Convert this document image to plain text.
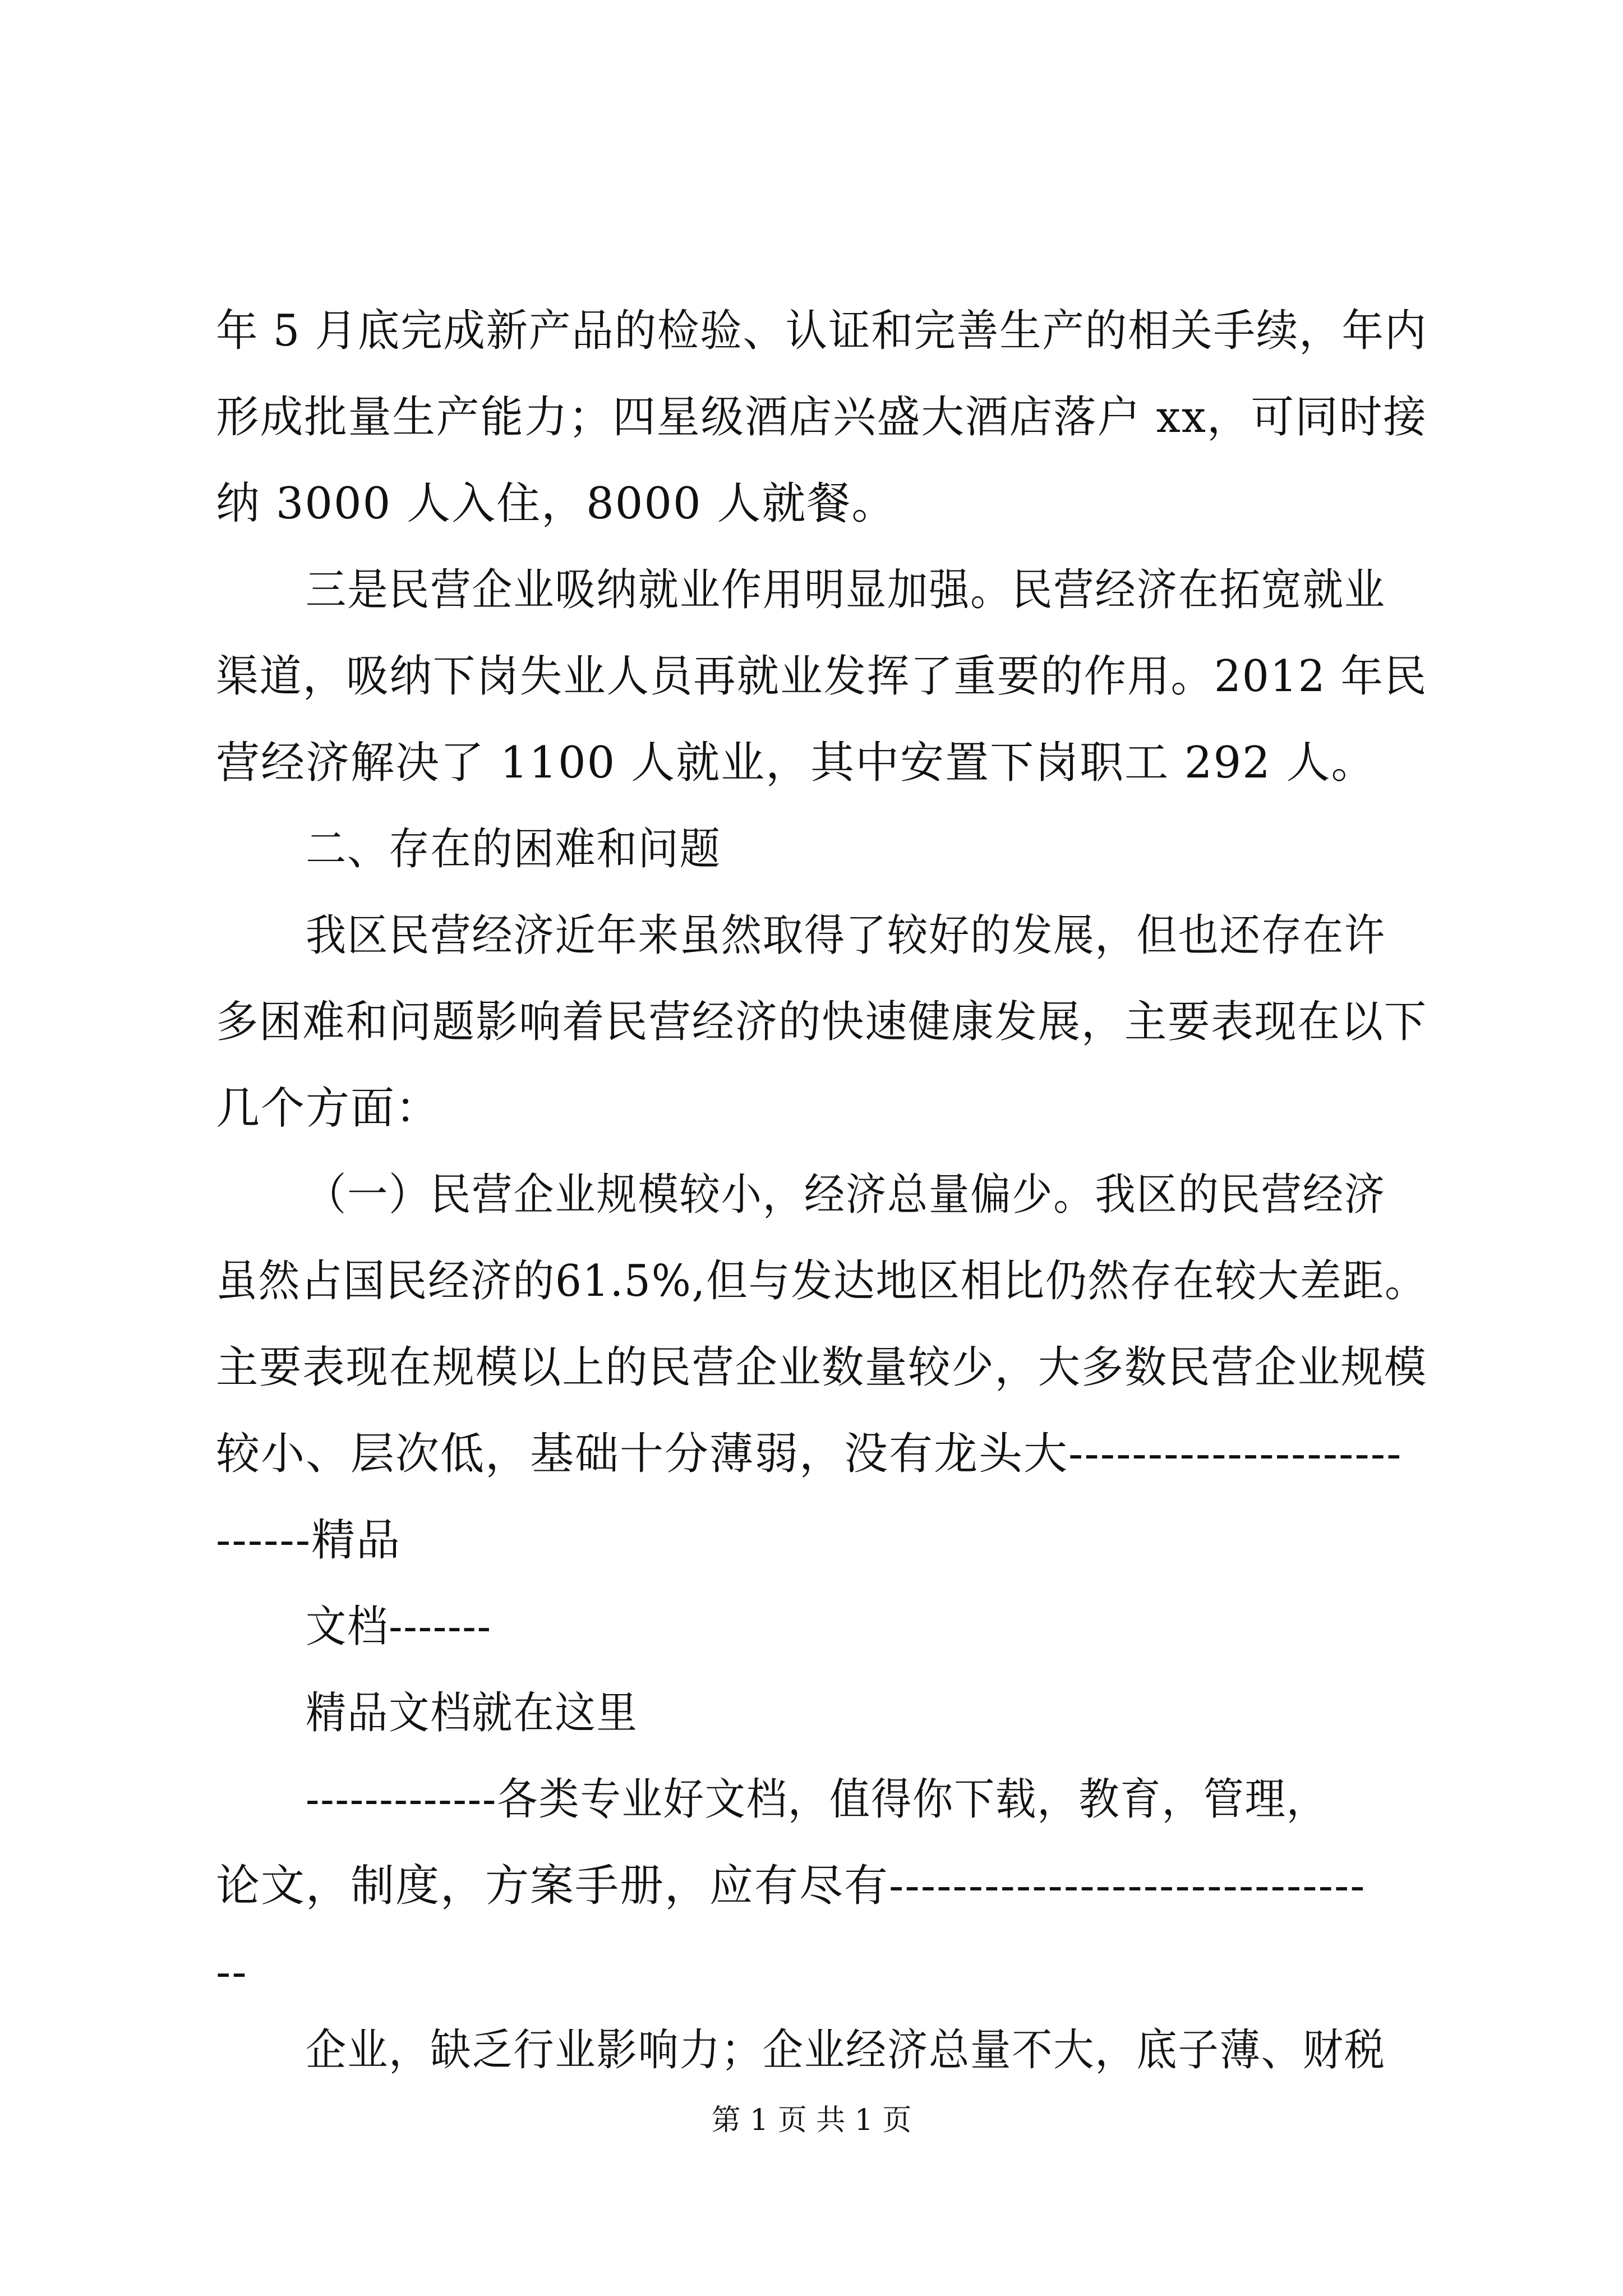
年 5 月底完成新产品的检验、认证和完善生产的相关手续，年内
形成批量生产能力；四星级酒店兴盛大酒店落户 xx，可同时接
纳 3000 人入住，8000 人就餐。
三是民营企业吸纳就业作用明显加强。民营经济在拓宽就业
渠道，吸纳下岗失业人员再就业发挥了重要的作用。2012 年民
营经济解决了 1100 人就业，其中安置下岗职工 292 人。
二、存在的困难和问题
我区民营经济近年来虽然取得了较好的发展，但也还存在许
多困难和问题影响着民营经济的快速健康发展，主要表现在以下
几个方面：
（一）民营企业规模较小，经济总量偏少。我区的民营经济
虽然占国民经济的61.5%,但与发达地区相比仍然存在较大差距。
主要表现在规模以上的民营企业数量较少，大多数民营企业规模
较小、层次低，基础十分薄弱，没有龙头大---------------------
------精品
文档-------
精品文档就在这里
-------------各类专业好文档，值得你下载，教育，管理，
论文，制度，方案手册，应有尽有------------------------------
--
企业，缺乏行业影响力；企业经济总量不大，底子薄、财税
第 1 页 共 1 页
